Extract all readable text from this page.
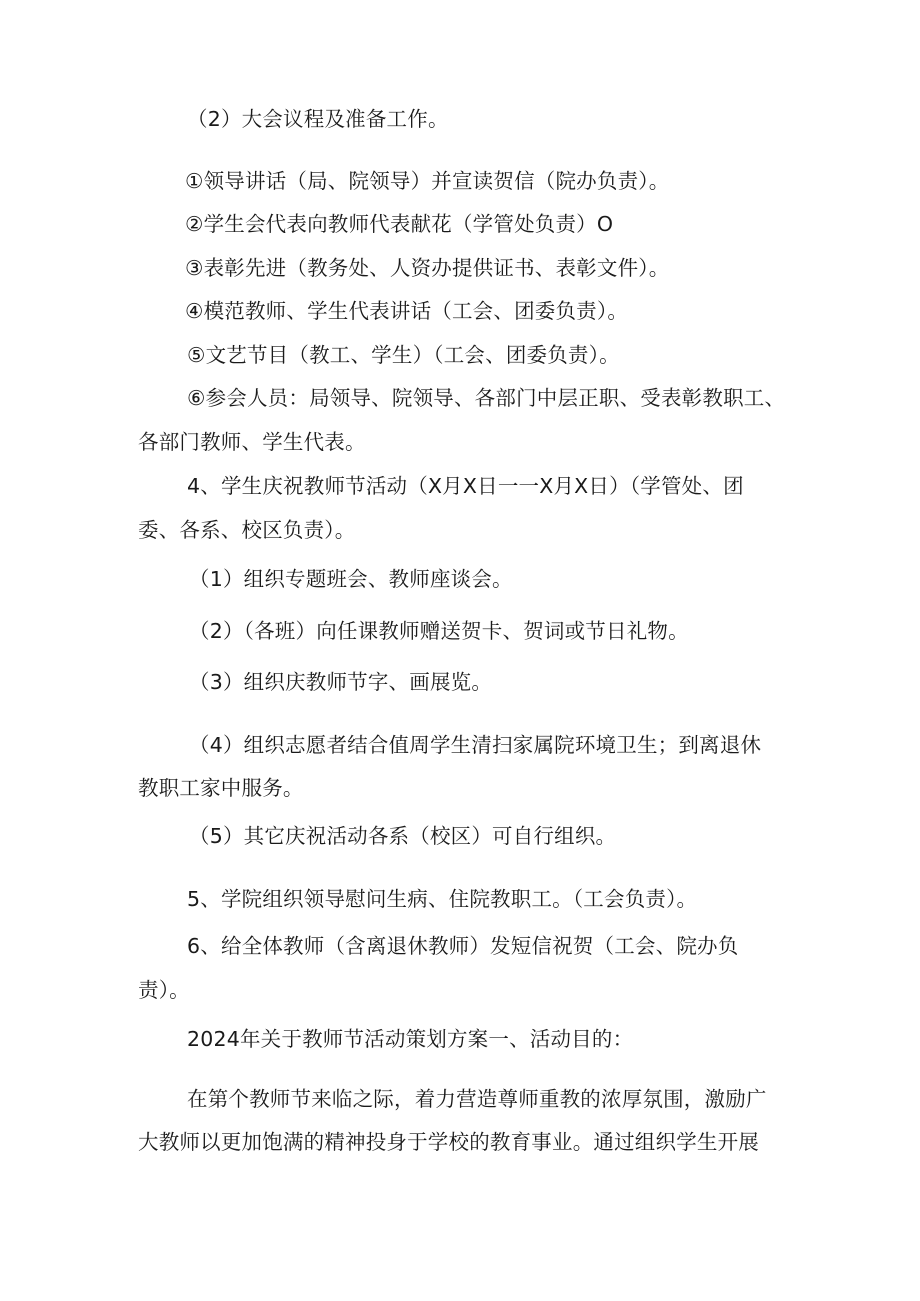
（2）大会议程及准备工作。
①领导讲话（局、院领导）并宣读贺信（院办负责）。
②学生会代表向教师代表献花（学管处负责）O
③表彰先进（教务处、人资办提供证书、表彰文件）。
④模范教师、学生代表讲话（工会、团委负责）。
⑤文艺节目（教工、学生）（工会、团委负责）。
⑥参会人员：局领导、院领导、各部门中层正职、受表彰教职工、
各部门教师、学生代表。
4、学生庆祝教师节活动（X月X日一一X月X日）（学管处、团
委、各系、校区负责）。
（1）组织专题班会、教师座谈会。
（2）（各班）向任课教师赠送贺卡、贺词或节日礼物。
（3）组织庆教师节字、画展览。
（4）组织志愿者结合值周学生清扫家属院环境卫生；到离退休
教职工家中服务。
（5）其它庆祝活动各系（校区）可自行组织。
5、学院组织领导慰问生病、住院教职工。（工会负责）。
6、给全体教师（含离退休教师）发短信祝贺（工会、院办负
责）。
2024年关于教师节活动策划方案一、活动目的：
在第个教师节来临之际，着力营造尊师重教的浓厚氛围，激励广
大教师以更加饱满的精神投身于学校的教育事业。通过组织学生开展
